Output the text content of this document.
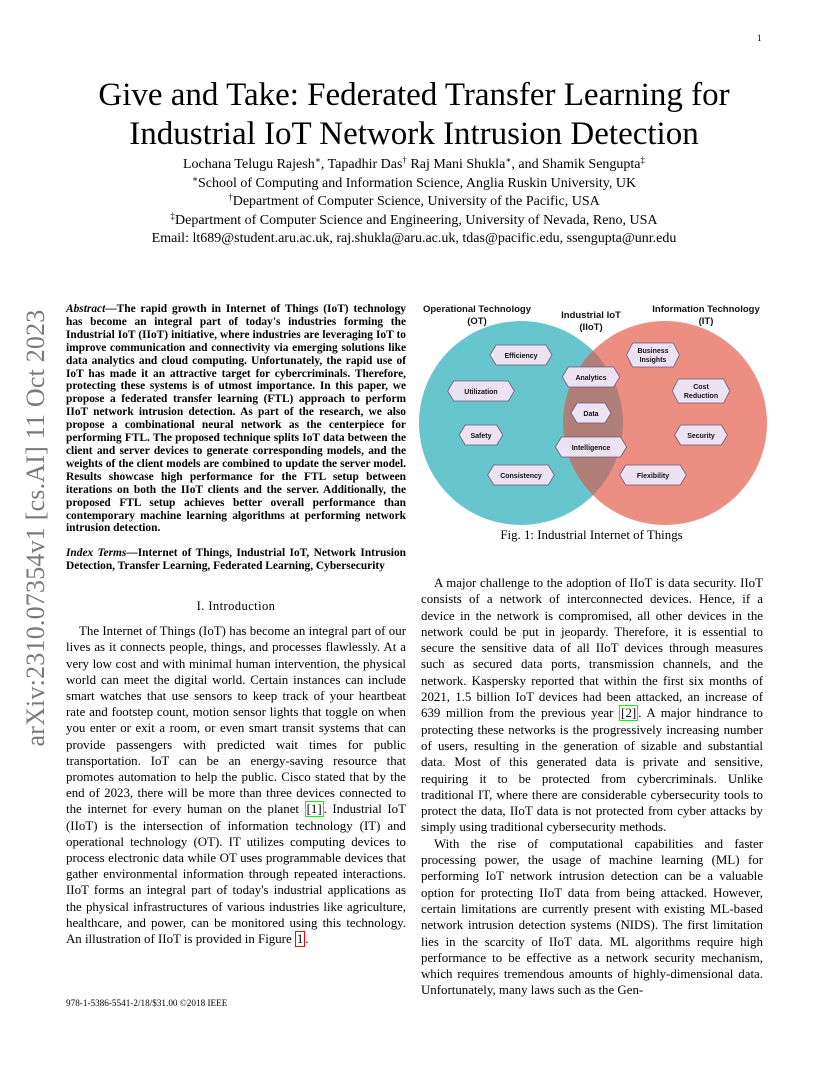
1
arXiv:2310.07354v1 [cs.AI] 11 Oct 2023
Give and Take: Federated Transfer Learning for Industrial IoT Network Intrusion Detection
Lochana Telugu Rajesh∗, Tapadhir Das† Raj Mani Shukla∗, and Shamik Sengupta‡
∗School of Computing and Information Science, Anglia Ruskin University, UK
†Department of Computer Science, University of the Pacific, USA
‡Department of Computer Science and Engineering, University of Nevada, Reno, USA
Email: lt689@student.aru.ac.uk, raj.shukla@aru.ac.uk, tdas@pacific.edu, ssengupta@unr.edu

Abstract—The rapid growth in Internet of Things (IoT) technology has become an integral part of today's industries forming the Industrial IoT (IIoT) initiative, where industries are leveraging IoT to improve communication and connectivity via emerging solutions like data analytics and cloud computing. Unfortunately, the rapid use of IoT has made it an attractive target for cybercriminals. Therefore, protecting these systems is of utmost importance. In this paper, we propose a federated transfer learning (FTL) approach to perform IIoT network intrusion detection. As part of the research, we also propose a combinational neural network as the centerpiece for performing FTL. The proposed technique splits IoT data between the client and server devices to generate corresponding models, and the weights of the client models are combined to update the server model. Results showcase high performance for the FTL setup between iterations on both the IIoT clients and the server. Additionally, the proposed FTL setup achieves better overall performance than contemporary machine learning algorithms at performing network intrusion detection.

Index Terms—Internet of Things, Industrial IoT, Network Intrusion Detection, Transfer Learning, Federated Learning, Cybersecurity

I. Introduction

The Internet of Things (IoT) has become an integral part of our lives as it connects people, things, and processes flawlessly. At a very low cost and with minimal human intervention, the physical world can meet the digital world. Certain instances can include smart watches that use sensors to keep track of your heartbeat rate and footstep count, motion sensor lights that toggle on when you enter or exit a room, or even smart transit systems that can provide passengers with predicted wait times for public transportation. IoT can be an energy-saving resource that promotes automation to help the public. Cisco stated that by the end of 2023, there will be more than three devices connected to the internet for every human on the planet [1] . Industrial IoT (IIoT) is the intersection of information technology (IT) and operational technology (OT). IT utilizes computing devices to process electronic data while OT uses programmable devices that gather environmental information through repeated interactions. IIoT forms an integral part of today's industrial applications as the physical infrastructures of various industries like agriculture, healthcare, and power, can be monitored using this technology. An illustration of IIoT is provided in Figure 1 .

Operational Technology
(OT)
Industrial IoT
(IIoT)
Information Technology
(IT)
Efficiency
Utilization
Safety
Consistency
Analytics
Data
Intelligence
Business
Insights
Cost
Reduction
Security
Flexibility
Fig. 1: Industrial Internet of Things

A major challenge to the adoption of IIoT is data security. IIoT consists of a network of interconnected devices. Hence, if a device in the network is compromised, all other devices in the network could be put in jeopardy. Therefore, it is essential to secure the sensitive data of all IIoT devices through measures such as secured data ports, transmission channels, and the network. Kaspersky reported that within the first six months of 2021, 1.5 billion IoT devices had been attacked, an increase of 639 million from the previous year [2] . A major hindrance to protecting these networks is the progressively increasing number of users, resulting in the generation of sizable and substantial data. Most of this generated data is private and sensitive, requiring it to be protected from cybercriminals. Unlike traditional IT, where there are considerable cybersecurity tools to protect the data, IIoT data is not protected from cyber attacks by simply using traditional cybersecurity methods.

With the rise of computational capabilities and faster processing power, the usage of machine learning (ML) for performing IoT network intrusion detection can be a valuable option for protecting IIoT data from being attacked. However, certain limitations are currently present with existing ML-based network intrusion detection systems (NIDS). The first limitation lies in the scarcity of IIoT data. ML algorithms require high performance to be effective as a network security mechanism, which requires tremendous amounts of highly-dimensional data. Unfortunately, many laws such as the Gen-

978-1-5386-5541-2/18/$31.00 ©2018 IEEE
